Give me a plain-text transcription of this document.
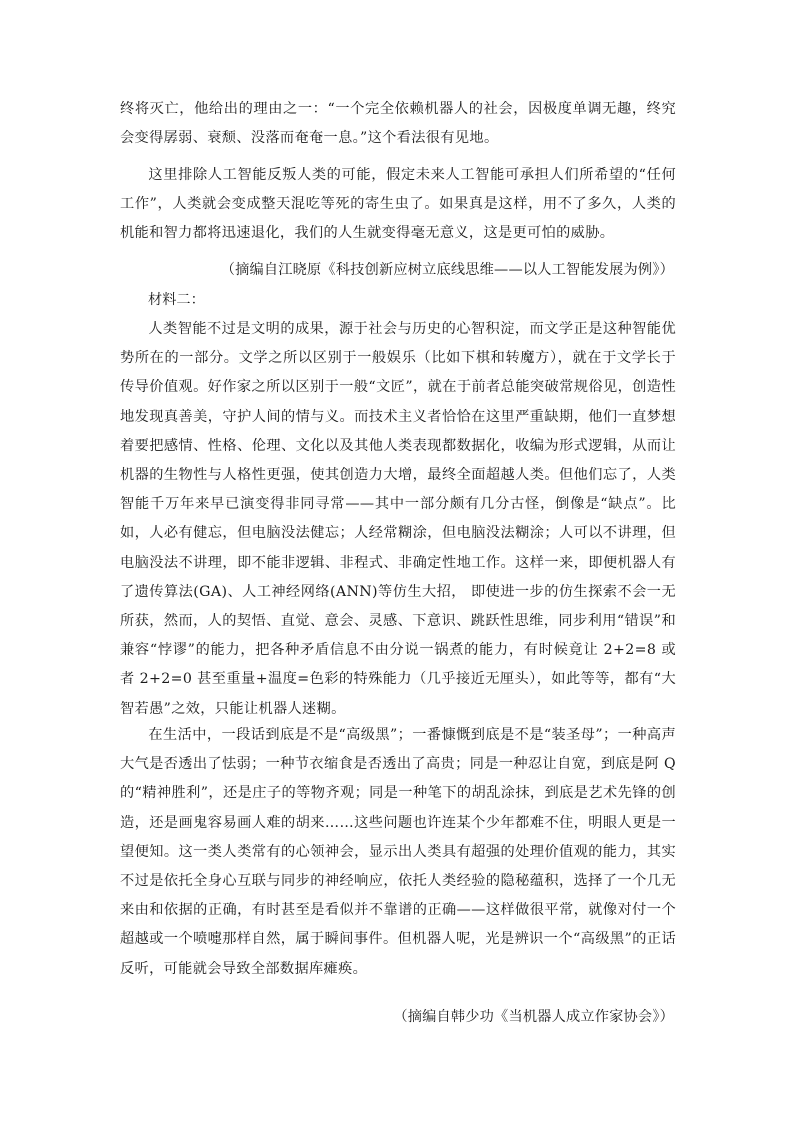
终将灭亡，他给出的理由之一：“一个完全依赖机器人的社会，因极度单调无趣，终究会变得孱弱、衰颓、没落而奄奄一息。”这个看法很有见地。

这里排除人工智能反叛人类的可能，假定未来人工智能可承担人们所希望的“任何工作”，人类就会变成整天混吃等死的寄生虫了。如果真是这样，用不了多久，人类的机能和智力都将迅速退化，我们的人生就变得毫无意义，这是更可怕的威胁。

（摘编自江晓原《科技创新应树立底线思维——以人工智能发展为例》）

材料二：

人类智能不过是文明的成果，源于社会与历史的心智积淀，而文学正是这种智能优势所在的一部分。文学之所以区别于一般娱乐（比如下棋和转魔方），就在于文学长于传导价值观。好作家之所以区别于一般“文匠”，就在于前者总能突破常规俗见，创造性地发现真善美，守护人间的情与义。而技术主义者恰恰在这里严重缺期，他们一直梦想着要把感情、性格、伦理、文化以及其他人类表现都数据化，收编为形式逻辑，从而让机器的生物性与人格性更强，使其创造力大增，最终全面超越人类。但他们忘了，人类智能千万年来早已演变得非同寻常——其中一部分颇有几分古怪，倒像是“缺点”。比如，人必有健忘，但电脑没法健忘；人经常糊涂，但电脑没法糊涂；人可以不讲理，但电脑没法不讲理，即不能非逻辑、非程式、非确定性地工作。这样一来，即便机器人有了遗传算法(GA)、人工神经网络(ANN)等仿生大招， 即使进一步的仿生探索不会一无所获，然而，人的契悟、直觉、意会、灵感、下意识、跳跃性思维，同步利用“错误”和兼容“悖谬”的能力，把各种矛盾信息不由分说一锅煮的能力，有时候竟让 2+2=8 或者 2+2=0 甚至重量+温度=色彩的特殊能力（几乎接近无厘头），如此等等，都有“大智若愚”之效，只能让机器人迷糊。

在生活中，一段话到底是不是“高级黑”；一番慷慨到底是不是“装圣母”；一种高声大气是否透出了怯弱；一种节衣缩食是否透出了高贵；同是一种忍让自宽，到底是阿 Q 的“精神胜利”，还是庄子的等物齐观；同是一种笔下的胡乱涂抹，到底是艺术先锋的创造，还是画鬼容易画人难的胡来……这些问题也许连某个少年都难不住，明眼人更是一望便知。这一类人类常有的心领神会，显示出人类具有超强的处理价值观的能力，其实不过是依托全身心互联与同步的神经响应，依托人类经验的隐秘蕴积，选择了一个几无来由和依据的正确，有时甚至是看似并不靠谱的正确——这样做很平常，就像对付一个超越或一个喷嚏那样自然，属于瞬间事件。但机器人呢，光是辨识一个“高级黑”的正话反听，可能就会导致全部数据库瘫痪。

（摘编自韩少功《当机器人成立作家协会》）
